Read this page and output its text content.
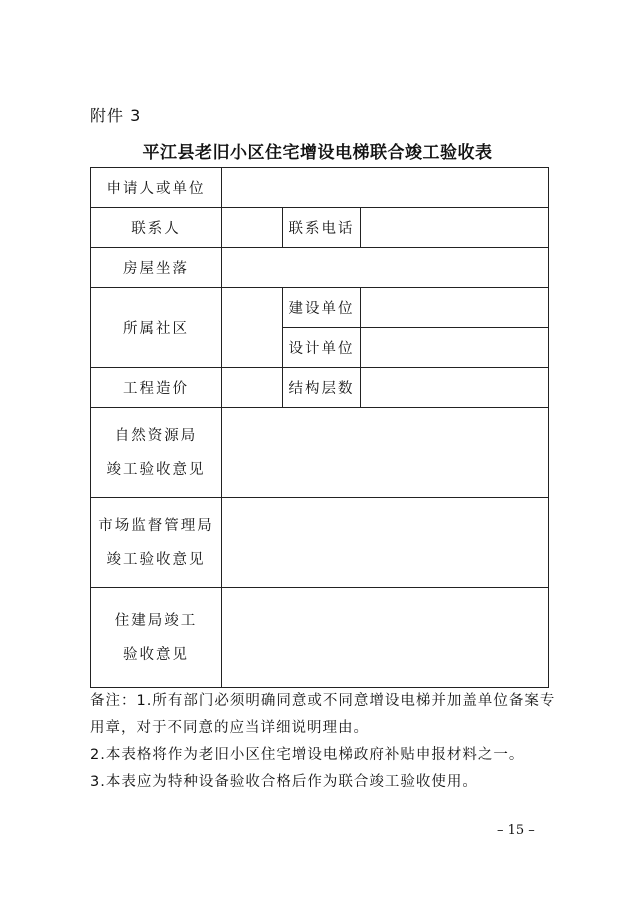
附件 3
平江县老旧小区住宅增设电梯联合竣工验收表
申请人或单位			
联系人		联系电话	
房屋坐落			
所属社区		建设单位	
		设计单位	
工程造价		结构层数	

自然资源局
竣工验收意见			

市场监督管理局
竣工验收意见			

住建局竣工
验收意见			

备注：1.所有部门必须明确同意或不同意增设电梯并加盖单位备案专用章，对于不同意的应当详细说明理由。

2.本表格将作为老旧小区住宅增设电梯政府补贴申报材料之一。

3.本表应为特种设备验收合格后作为联合竣工验收使用。

– 15 –
